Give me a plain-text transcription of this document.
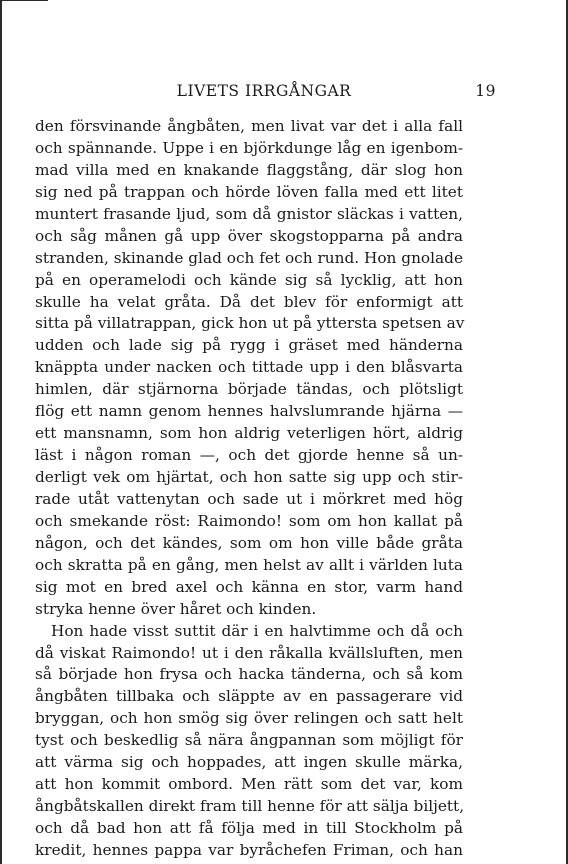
LIVETS IRRGÅNGAR	19
den försvinande ångbåten, men livat var det i alla fall
och spännande. Uppe i en björkdunge låg en igenbom-
mad villa med en knakande flaggstång, där slog hon
sig ned på trappan och hörde löven falla med ett litet
muntert frasande ljud, som då gnistor släckas i vatten,
och såg månen gå upp över skogstopparna på andra
stranden, skinande glad och fet och rund. Hon gnolade
på en operamelodi och kände sig så lycklig, att hon
skulle ha velat gråta. Då det blev för enformigt att
sitta på villatrappan, gick hon ut på yttersta spetsen av
udden och lade sig på rygg i gräset med händerna
knäppta under nacken och tittade upp i den blåsvarta
himlen, där stjärnorna började tändas, och plötsligt
flög ett namn genom hennes halvslumrande hjärna —
ett mansnamn, som hon aldrig veterligen hört, aldrig
läst i någon roman —, och det gjorde henne så un-
derligt vek om hjärtat, och hon satte sig upp och stir-
rade utåt vattenytan och sade ut i mörkret med hög
och smekande röst: Raimondo! som om hon kallat på
någon, och det kändes, som om hon ville både gråta
och skratta på en gång, men helst av allt i världen luta
sig mot en bred axel och känna en stor, varm hand
stryka henne över håret och kinden.
Hon hade visst suttit där i en halvtimme och då och
då viskat Raimondo! ut i den råkalla kvällsluften, men
så började hon frysa och hacka tänderna, och så kom
ångbåten tillbaka och släppte av en passagerare vid
bryggan, och hon smög sig över relingen och satt helt
tyst och beskedlig så nära ångpannan som möjligt för
att värma sig och hoppades, att ingen skulle märka,
att hon kommit ombord. Men rätt som det var, kom
ångbåtskallen direkt fram till henne för att sälja biljett,
och då bad hon att få följa med in till Stockholm på
kredit, hennes pappa var byråchefen Friman, och han
